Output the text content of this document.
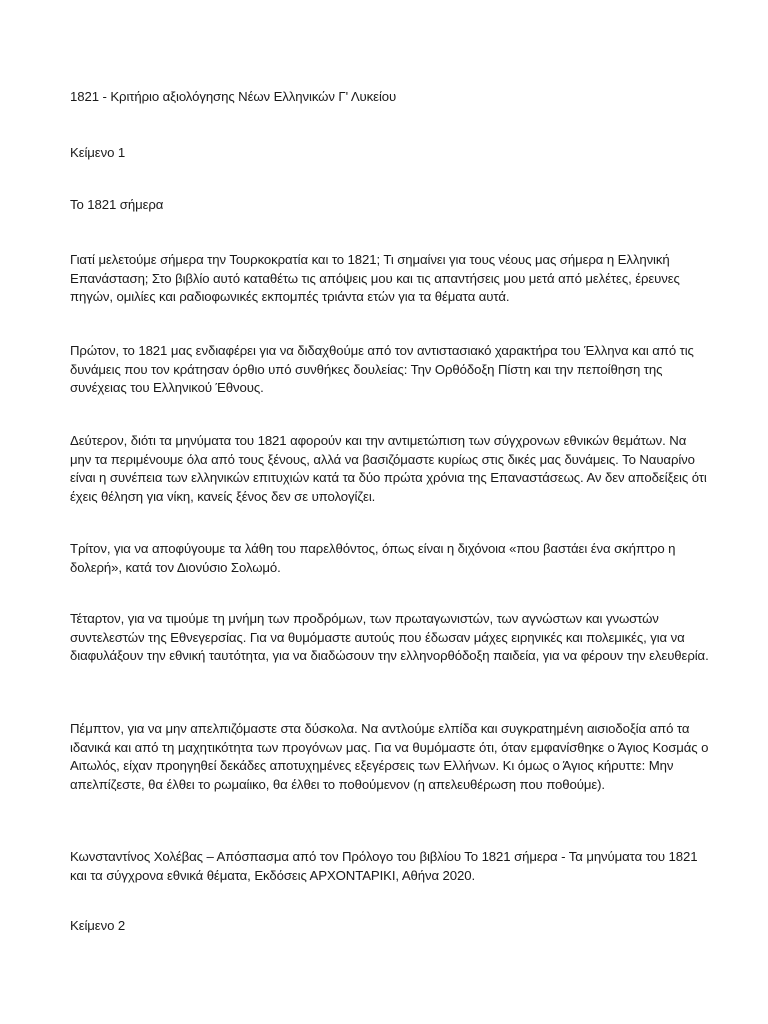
1821 - Κριτήριο αξιολόγησης Νέων Ελληνικών Γ' Λυκείου

Κείμενο 1

Το 1821 σήμερα

Γιατί μελετούμε σήμερα την Τουρκοκρατία και το 1821; Τι σημαίνει για τους νέους μας σήμερα η Ελληνική Επανάσταση; Στο βιβλίο αυτό καταθέτω τις απόψεις μου και τις απαντήσεις μου μετά από μελέτες, έρευνες πηγών, ομιλίες και ραδιοφωνικές εκπομπές τριάντα ετών για τα θέματα αυτά.

Πρώτον, το 1821 μας ενδιαφέρει για να διδαχθούμε από τον αντιστασιακό χαρακτήρα του Έλληνα και από τις δυνάμεις που τον κράτησαν όρθιο υπό συνθήκες δουλείας: Την Ορθόδοξη Πίστη και την πεποίθηση της συνέχειας του Ελληνικού Έθνους.

Δεύτερον, διότι τα μηνύματα του 1821 αφορούν και την αντιμετώπιση των σύγχρονων εθνικών θεμάτων. Να μην τα περιμένουμε όλα από τους ξένους, αλλά να βασιζόμαστε κυρίως στις δικές μας δυνάμεις. Το Ναυαρίνο είναι η συνέπεια των ελληνικών επιτυχιών κατά τα δύο πρώτα χρόνια της Επαναστάσεως. Αν δεν αποδείξεις ότι έχεις θέληση για νίκη, κανείς ξένος δεν σε υπολογίζει.

Τρίτον, για να αποφύγουμε τα λάθη του παρελθόντος, όπως είναι η διχόνοια «που βαστάει ένα σκήπτρο η δολερή», κατά τον Διονύσιο Σολωμό.

Τέταρτον, για να τιμούμε τη μνήμη των προδρόμων, των πρωταγωνιστών, των αγνώστων και γνωστών συντελεστών της Εθνεγερσίας. Για να θυμόμαστε αυτούς που έδωσαν μάχες ειρηνικές και πολεμικές, για να διαφυλάξουν την εθνική ταυτότητα, για να διαδώσουν την ελληνορθόδοξη παιδεία, για να φέρουν την ελευθερία.

Πέμπτον, για να μην απελπιζόμαστε στα δύσκολα. Να αντλούμε ελπίδα και συγκρατημένη αισιοδοξία από τα ιδανικά και από τη μαχητικότητα των προγόνων μας. Για να θυμόμαστε ότι, όταν εμφανίσθηκε ο Άγιος Κοσμάς ο Αιτωλός, είχαν προηγηθεί δεκάδες αποτυχημένες εξεγέρσεις των Ελλήνων. Κι όμως ο Άγιος κήρυττε: Μην απελπίζεστε, θα έλθει το ρωμαίικο, θα έλθει το ποθούμενον (η απελευθέρωση που ποθούμε).

Κωνσταντίνος Χολέβας – Απόσπασμα από τον Πρόλογο του βιβλίου Το 1821 σήμερα - Τα μηνύματα του 1821 και τα σύγχρονα εθνικά θέματα, Εκδόσεις ΑΡΧΟΝΤΑΡΙΚΙ, Αθήνα 2020.

Κείμενο 2
